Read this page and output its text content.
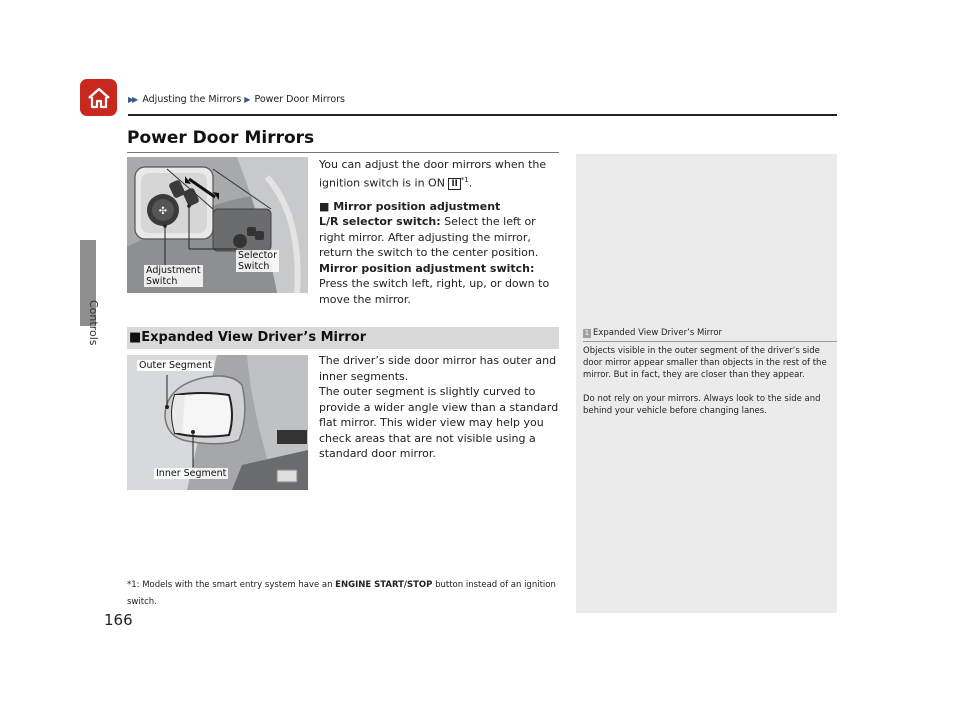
▶▶ Adjusting the Mirrors ▶ Power Door Mirrors
Controls
Power Door Mirrors
✣
Selector
Switch
Adjustment
Switch
You can adjust the door mirrors when the ignition switch is in ON II $^{*1}$.
■ Mirror position adjustment
L/R selector switch: Select the left or right mirror. After adjusting the mirror, return the switch to the center position.
Mirror position adjustment switch: Press the switch left, right, up, or down to move the mirror.
■Expanded View Driver’s Mirror
Outer Segment
Inner Segment
The driver’s side door mirror has outer and inner segments.
The outer segment is slightly curved to provide a wider angle view than a standard flat mirror. This wider view may help you check areas that are not visible using a standard door mirror.
*1: Models with the smart entry system have an ENGINE START/STOP button instead of an ignition switch.
1 Expanded View Driver’s Mirror

Objects visible in the outer segment of the driver’s side door mirror appear smaller than objects in the rest of the mirror. But in fact, they are closer than they appear.

Do not rely on your mirrors. Always look to the side and behind your vehicle before changing lanes.

166
